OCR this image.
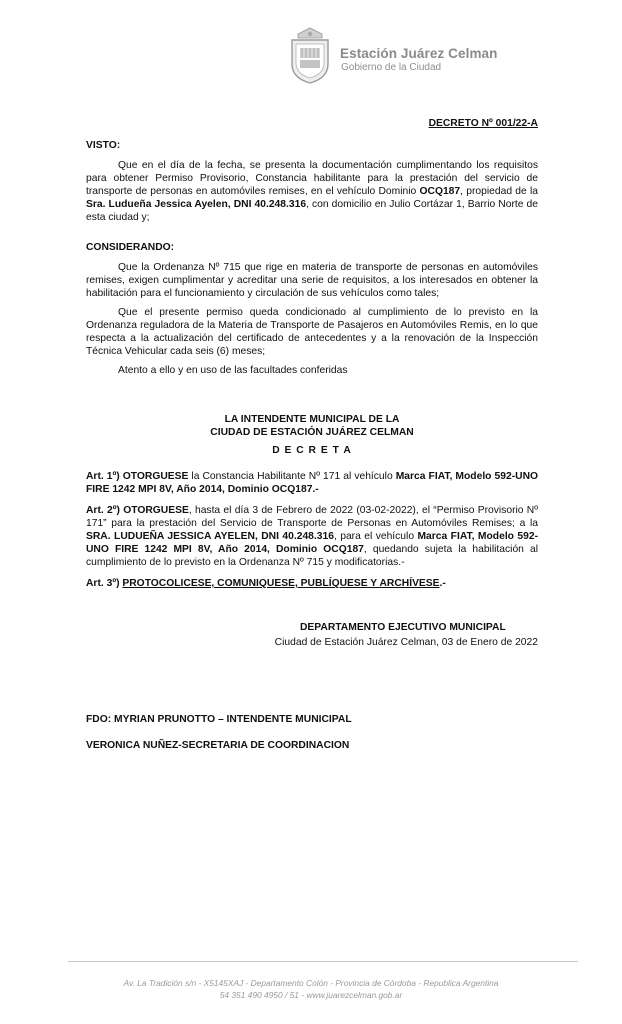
Estación Juárez Celman
Gobierno de la Ciudad
DECRETO Nº 001/22-A
VISTO:

Que en el día de la fecha, se presenta la documentación cumplimentando los requisitos para obtener Permiso Provisorio, Constancia habilitante para la prestación del servicio de transporte de personas en automóviles remises, en el vehículo Dominio OCQ187, propiedad de la Sra. Ludueña Jessica Ayelen, DNI 40.248.316, con domicilio en Julio Cortázar 1, Barrio Norte de esta ciudad y;

CONSIDERANDO:

Que la Ordenanza Nº 715 que rige en materia de transporte de personas en automóviles remises, exigen cumplimentar y acreditar una serie de requisitos, a los interesados en obtener la habilitación para el funcionamiento y circulación de sus vehículos como tales;

Que el presente permiso queda condicionado al cumplimiento de lo previsto en la Ordenanza reguladora de la Materia de Transporte de Pasajeros en Automóviles Remis, en lo que respecta a la actualización del certificado de antecedentes y a la renovación de la Inspección Técnica Vehicular cada seis (6) meses;

Atento a ello y en uso de las facultades conferidas

LA INTENDENTE MUNICIPAL DE LA
CIUDAD DE ESTACIÓN JUÁREZ CELMAN
D E C R E T A

Art. 1º) OTORGUESE la Constancia Habilitante Nº 171 al vehículo Marca FIAT, Modelo 592-UNO FIRE 1242 MPI 8V, Año 2014, Dominio OCQ187.-

Art. 2º) OTORGUESE, hasta el día 3 de Febrero de 2022 (03-02-2022), el “Permiso Provisorio Nº 171” para la prestación del Servicio de Transporte de Personas en Automóviles Remises; a la SRA. LUDUEÑA JESSICA AYELEN, DNI 40.248.316, para el vehículo Marca FIAT, Modelo 592-UNO FIRE 1242 MPI 8V, Año 2014, Dominio OCQ187, quedando sujeta la habilitación al cumplimiento de lo previsto en la Ordenanza Nº 715 y modificatorias.-

Art. 3º) PROTOCOLICESE, COMUNIQUESE, PUBLÍQUESE Y ARCHÍVESE.-

DEPARTAMENTO EJECUTIVO MUNICIPAL
Ciudad de Estación Juárez Celman, 03 de Enero de 2022
FDO: MYRIAN PRUNOTTO – INTENDENTE MUNICIPAL
VERONICA NUÑEZ-SECRETARIA DE COORDINACION
Av. La Tradición s/n - X5145XAJ - Departamento Colón - Provincia de Córdoba - Republica Argentina
54 351 490 4950 / 51 - www.juarezcelman.gob.ar
